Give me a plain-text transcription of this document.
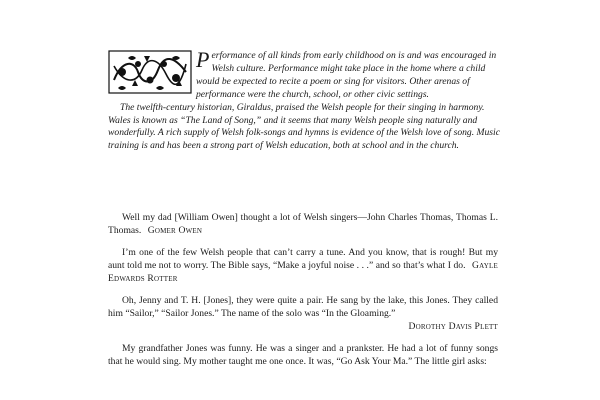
Performance of all kinds from early childhood on is and was encouraged in Welsh culture. Performance might take place in the home where a child would be expected to recite a poem or sing for visitors. Other arenas of performance were the church, school, or other civic settings.

The twelfth-century historian, Giraldus, praised the Welsh people for their singing in harmony. Wales is known as “The Land of Song,” and it seems that many Welsh people sing naturally and wonderfully. A rich supply of Welsh folk-songs and hymns is evidence of the Welsh love of song. Music training is and has been a strong part of Welsh education, both at school and in the church.

Well my dad [William Owen] thought a lot of Welsh singers—John Charles Thomas, Thomas L. Thomas. Gomer Owen

I’m one of the few Welsh people that can’t carry a tune. And you know, that is rough! But my aunt told me not to worry. The Bible says, “Make a joyful noise . . .” and so that’s what I do. Gayle Edwards Rotter

Oh, Jenny and T. H. [Jones], they were quite a pair. He sang by the lake, this Jones. They called him “Sailor,” “Sailor Jones.” The name of the solo was “In the Gloaming.”
Dorothy Davis Plett

My grandfather Jones was funny. He was a singer and a prankster. He had a lot of funny songs that he would sing. My mother taught me one once. It was, “Go Ask Your Ma.” The little girl asks:
